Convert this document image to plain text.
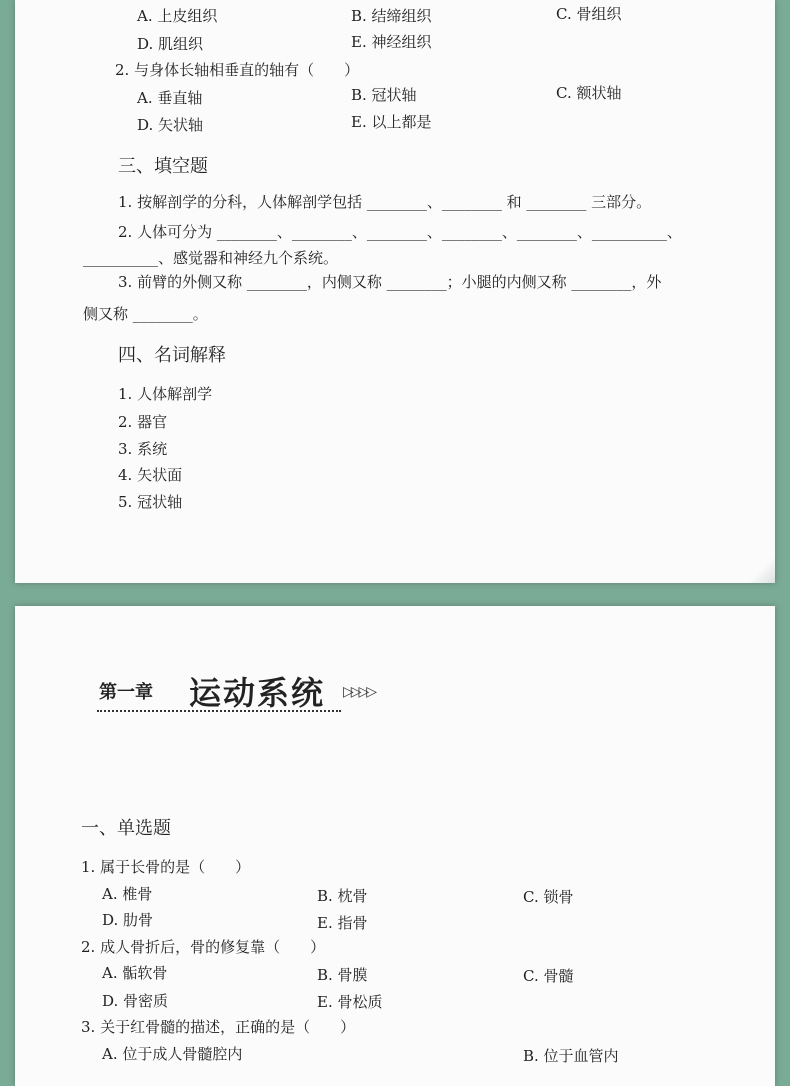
A. 上皮组织	B. 结缔组织	C. 骨组织
D. 肌组织	E. 神经组织
2. 与身体长轴相垂直的轴有（　　）
A. 垂直轴	B. 冠状轴	C. 额状轴
D. 矢状轴	E. 以上都是
三、填空题
1. 按解剖学的分科，人体解剖学包括 ________、________ 和 ________ 三部分。
2. 人体可分为 ________、________、________、________、________、__________、
__________、感觉器和神经九个系统。
3. 前臂的外侧又称 ________，内侧又称 ________；小腿的内侧又称 ________，外
侧又称 ________。
四、名词解释
1. 人体解剖学
2. 器官
3. 系统
4. 矢状面
5. 冠状轴
第一章 运动系统 ▷▷▷▷
一、单选题
1. 属于长骨的是（　　）
A. 椎骨	B. 枕骨	C. 锁骨
D. 肋骨	E. 指骨
2. 成人骨折后，骨的修复靠（　　）
A. 骺软骨	B. 骨膜	C. 骨髓
D. 骨密质	E. 骨松质
3. 关于红骨髓的描述，正确的是（　　）
A. 位于成人骨髓腔内	B. 位于血管内
